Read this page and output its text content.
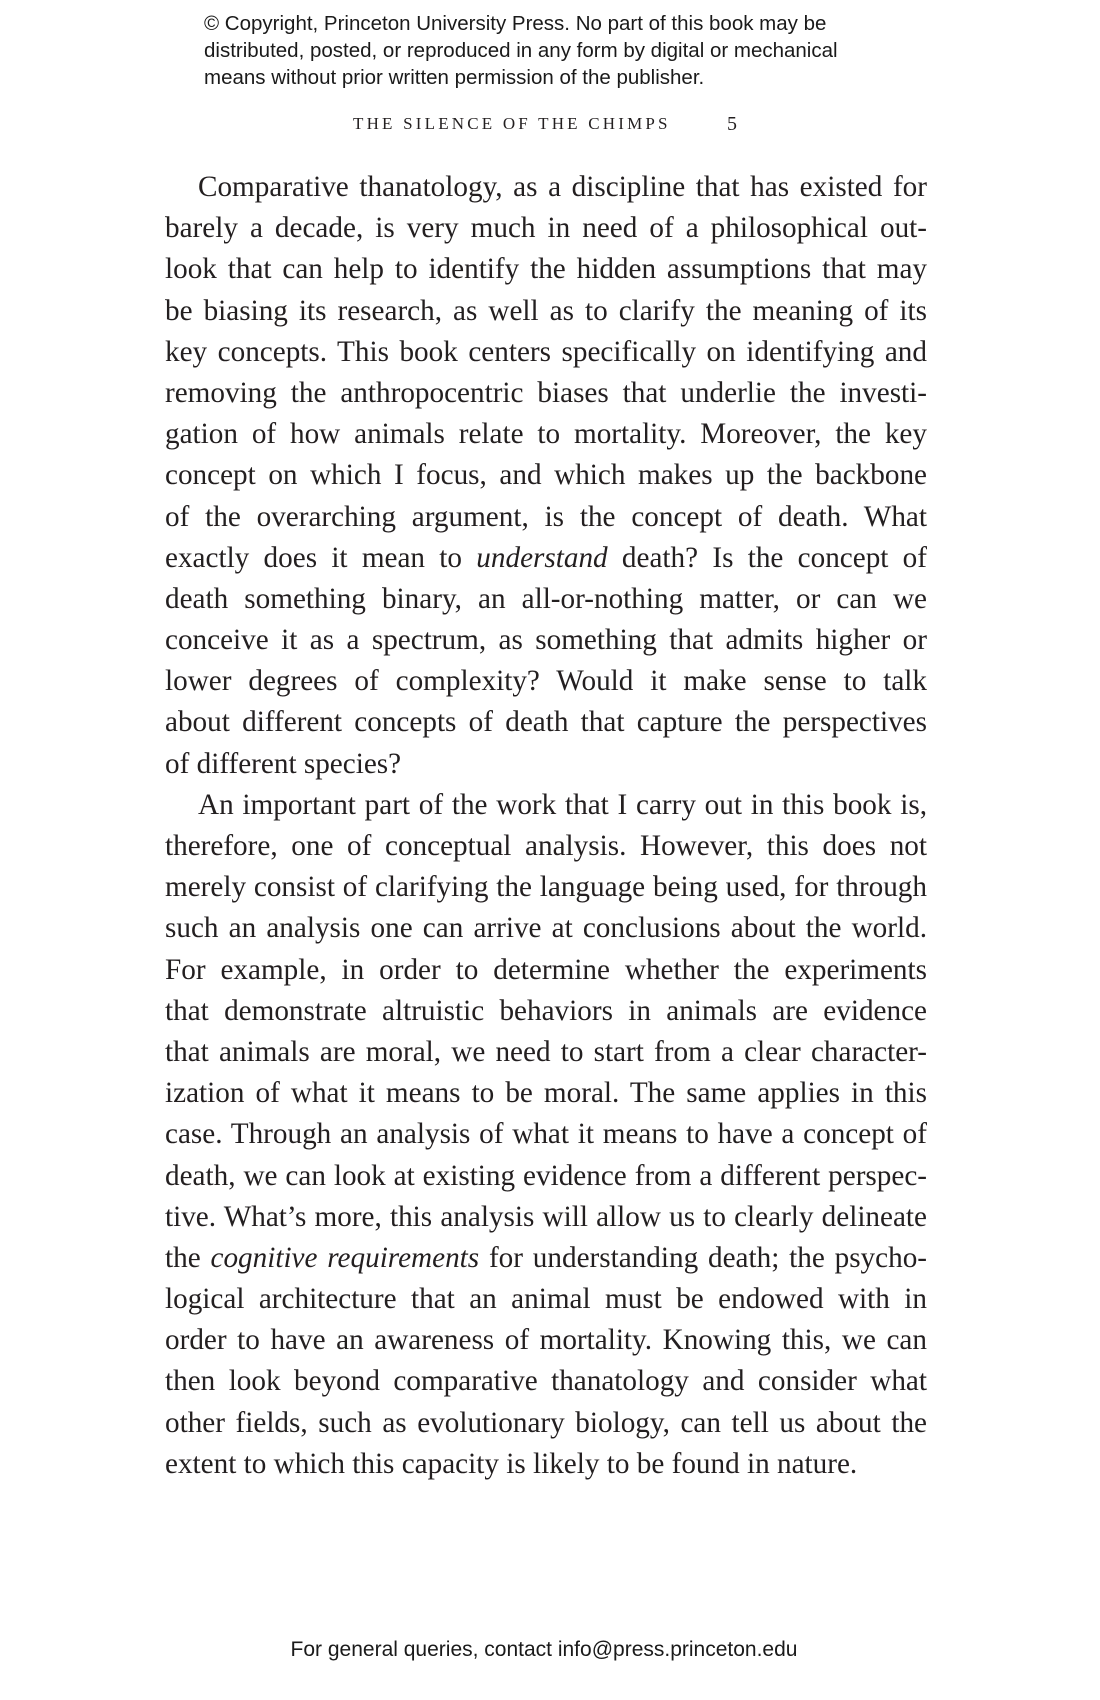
© Copyright, Princeton University Press. No part of this book may be
distributed, posted, or reproduced in any form by digital or mechanical
means without prior written permission of the publisher.
THE SILENCE OF THE CHIMPS	5
Comparative thanatology, as a discipline that has existed for
barely a decade, is very much in need of a philosophical out-
look that can help to identify the hidden assumptions that may
be biasing its research, as well as to clarify the meaning of its
key concepts. This book centers specifically on identifying and
removing the anthropocentric biases that underlie the investi-
gation of how animals relate to mortality. Moreover, the key
concept on which I focus, and which makes up the backbone
of the overarching argument, is the concept of death. What
exactly does it mean to understand death? Is the concept of
death something binary, an all-or-nothing matter, or can we
conceive it as a spectrum, as something that admits higher or
lower degrees of complexity? Would it make sense to talk
about different concepts of death that capture the perspectives
of different species?
An important part of the work that I carry out in this book is,
therefore, one of conceptual analysis. However, this does not
merely consist of clarifying the language being used, for through
such an analysis one can arrive at conclusions about the world.
For example, in order to determine whether the experiments
that demonstrate altruistic behaviors in animals are evidence
that animals are moral, we need to start from a clear character-
ization of what it means to be moral. The same applies in this
case. Through an analysis of what it means to have a concept of
death, we can look at existing evidence from a different perspec-
tive. What’s more, this analysis will allow us to clearly delineate
the cognitive requirements for understanding death; the psycho-
logical architecture that an animal must be endowed with in
order to have an awareness of mortality. Knowing this, we can
then look beyond comparative thanatology and consider what
other fields, such as evolutionary biology, can tell us about the
extent to which this capacity is likely to be found in nature.
For general queries, contact info@press.princeton.edu
